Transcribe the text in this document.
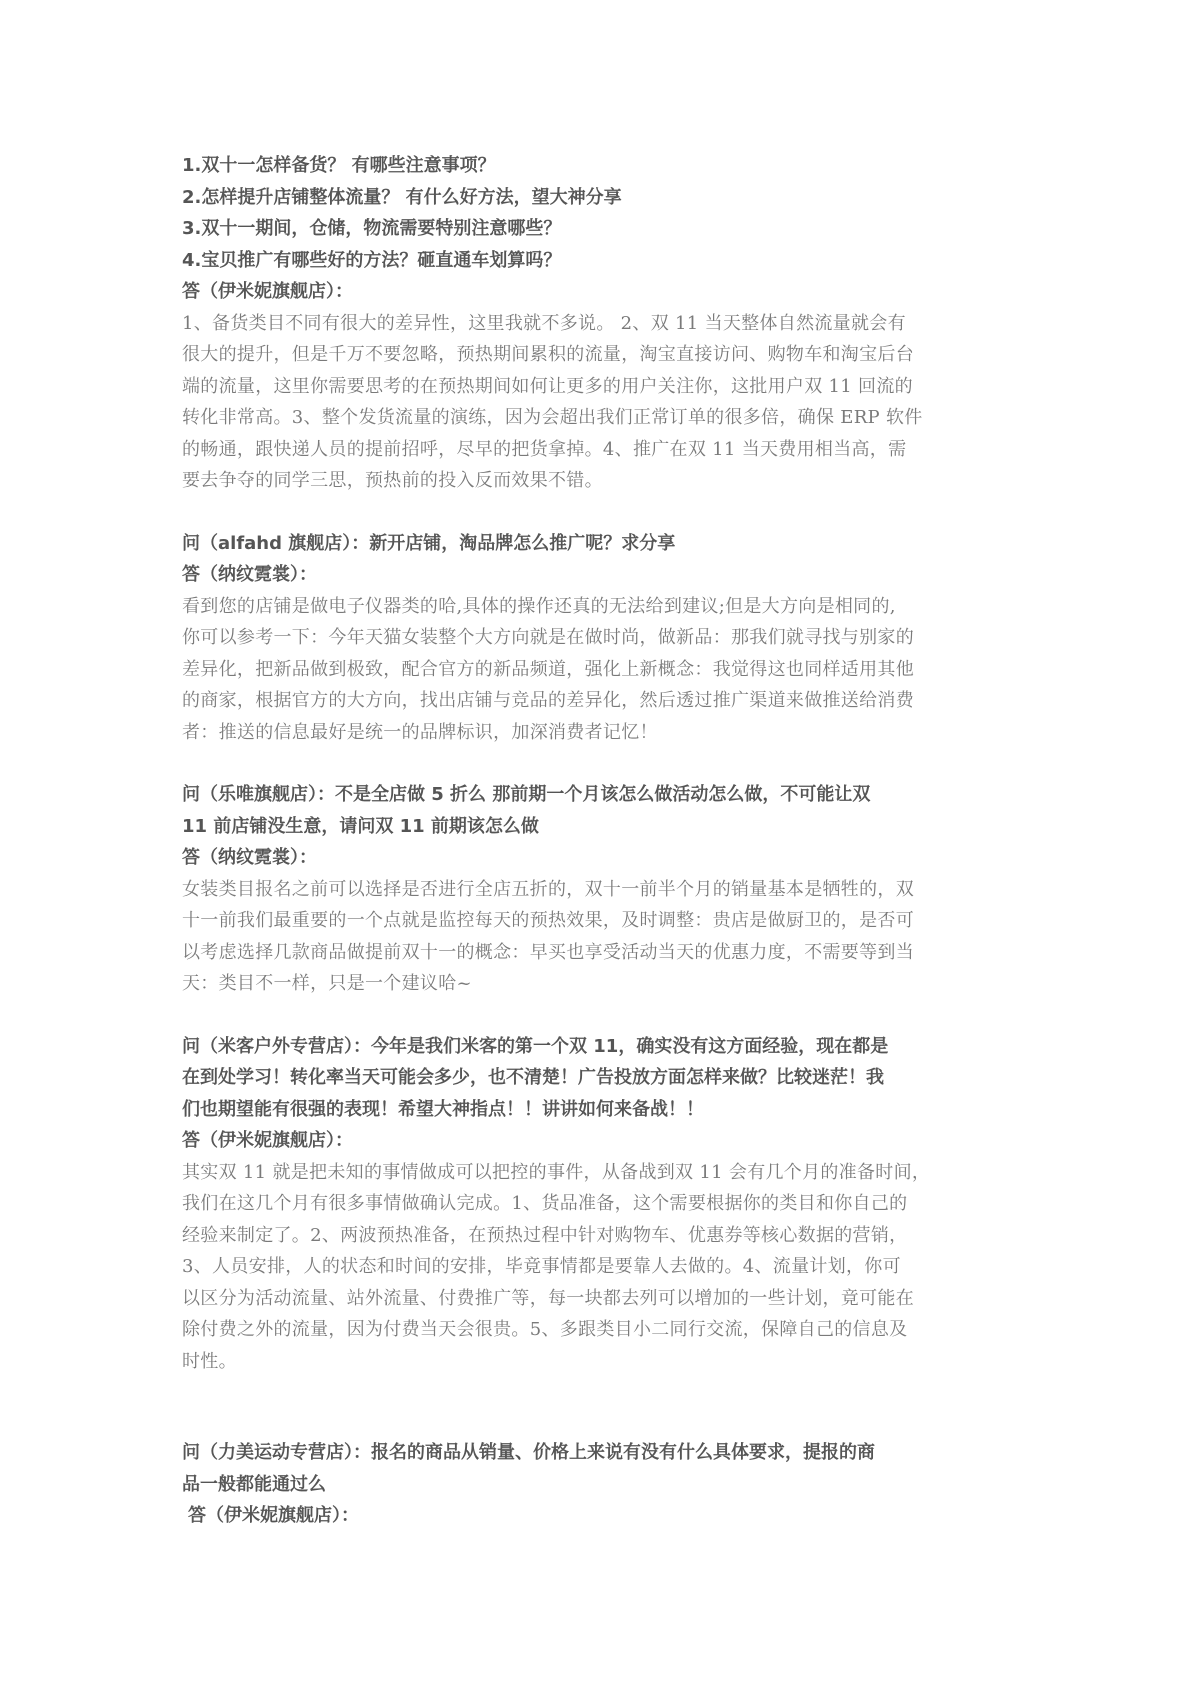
1.双十一怎样备货？ 有哪些注意事项？

2.怎样提升店铺整体流量？ 有什么好方法，望大神分享

3.双十一期间，仓储，物流需要特别注意哪些？

4.宝贝推广有哪些好的方法？砸直通车划算吗？

答（伊米妮旗舰店）：

1、备货类目不同有很大的差异性，这里我就不多说。 2、双 11 当天整体自然流量就会有

很大的提升，但是千万不要忽略，预热期间累积的流量，淘宝直接访问、购物车和淘宝后台

端的流量，这里你需要思考的在预热期间如何让更多的用户关注你，这批用户双 11 回流的

转化非常高。3、整个发货流量的演练，因为会超出我们正常订单的很多倍，确保 ERP 软件

的畅通，跟快递人员的提前招呼，尽早的把货拿掉。4、推广在双 11 当天费用相当高，需

要去争夺的同学三思，预热前的投入反而效果不错。

问（alfahd 旗舰店）：新开店铺，淘品牌怎么推广呢？求分享

答（纳纹霓裳）：

看到您的店铺是做电子仪器类的哈,具体的操作还真的无法给到建议;但是大方向是相同的,

你可以参考一下：今年天猫女装整个大方向就是在做时尚，做新品：那我们就寻找与别家的

差异化，把新品做到极致，配合官方的新品频道，强化上新概念：我觉得这也同样适用其他

的商家，根据官方的大方向，找出店铺与竞品的差异化，然后透过推广渠道来做推送给消费

者：推送的信息最好是统一的品牌标识，加深消费者记忆！

问（乐唯旗舰店）：不是全店做 5 折么 那前期一个月该怎么做活动怎么做，不可能让双

11 前店铺没生意，请问双 11 前期该怎么做

答（纳纹霓裳）：

女装类目报名之前可以选择是否进行全店五折的，双十一前半个月的销量基本是牺牲的，双

十一前我们最重要的一个点就是监控每天的预热效果，及时调整：贵店是做厨卫的，是否可

以考虑选择几款商品做提前双十一的概念：早买也享受活动当天的优惠力度，不需要等到当

天：类目不一样，只是一个建议哈~

问（米客户外专营店）：今年是我们米客的第一个双 11，确实没有这方面经验，现在都是

在到处学习！转化率当天可能会多少，也不清楚！广告投放方面怎样来做？比较迷茫！我

们也期望能有很强的表现！希望大神指点！！讲讲如何来备战！！

答（伊米妮旗舰店）：

其实双 11 就是把未知的事情做成可以把控的事件，从备战到双 11 会有几个月的准备时间，

我们在这几个月有很多事情做确认完成。1、货品准备，这个需要根据你的类目和你自己的

经验来制定了。2、两波预热准备，在预热过程中针对购物车、优惠券等核心数据的营销，

3、人员安排，人的状态和时间的安排，毕竟事情都是要靠人去做的。4、流量计划，你可

以区分为活动流量、站外流量、付费推广等，每一块都去列可以增加的一些计划，竟可能在

除付费之外的流量，因为付费当天会很贵。5、多跟类目小二同行交流，保障自己的信息及

时性。

问（力美运动专营店）：报名的商品从销量、价格上来说有没有什么具体要求，提报的商

品一般都能通过么

答（伊米妮旗舰店）：
